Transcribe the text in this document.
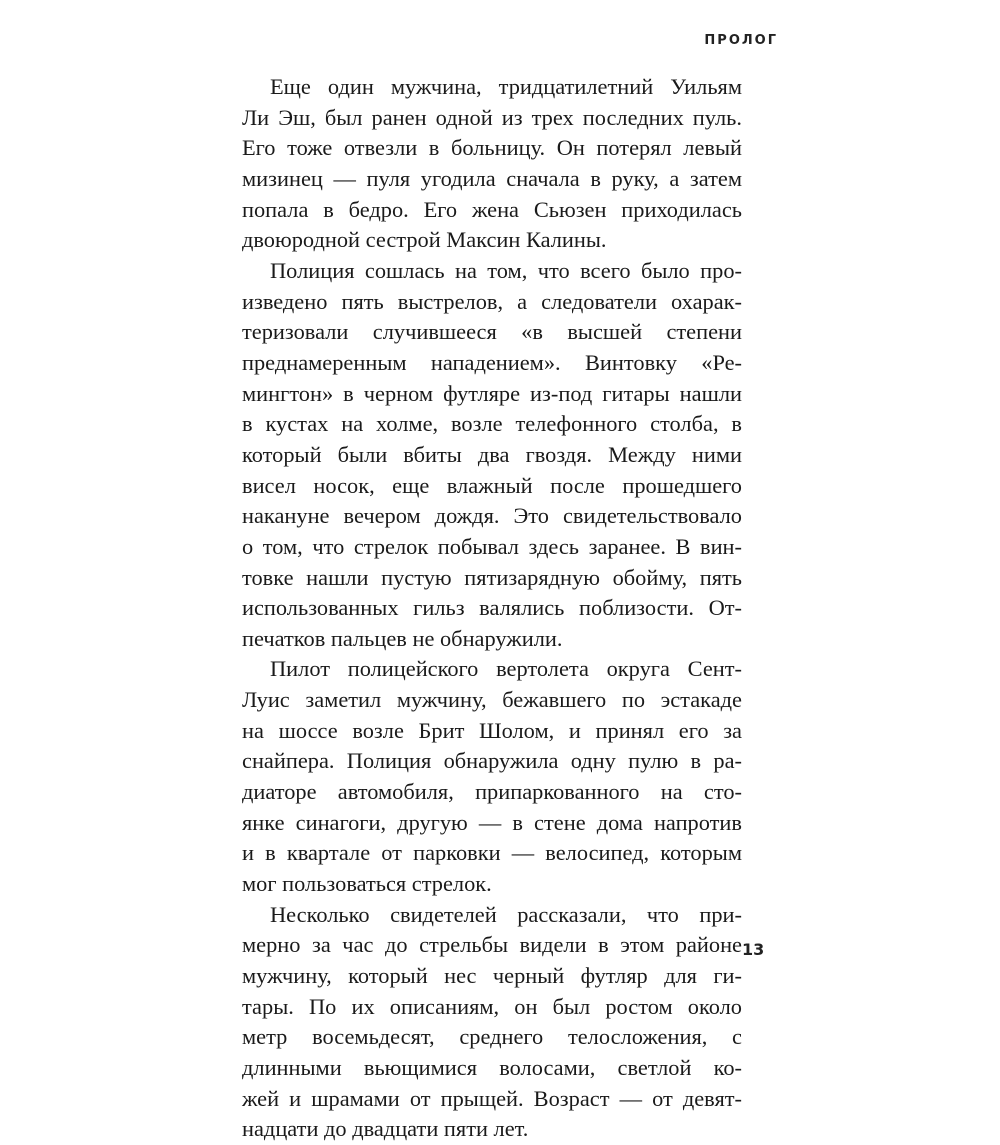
ПРОЛОГ
Еще один мужчина, тридцатилетний Уильям
Ли Эш, был ранен одной из трех последних пуль.
Его тоже отвезли в больницу. Он потерял левый
мизинец — пуля угодила сначала в руку, а затем
попала в бедро. Его жена Сьюзен приходилась
двоюродной сестрой Максин Калины.
Полиция сошлась на том, что всего было про-
изведено пять выстрелов, а следователи охарак-
теризовали случившееся «в высшей степени
преднамеренным нападением». Винтовку «Ре-
мингтон» в черном футляре из-под гитары нашли
в кустах на холме, возле телефонного столба, в
который были вбиты два гвоздя. Между ними
висел носок, еще влажный после прошедшего
накануне вечером дождя. Это свидетельствовало
о том, что стрелок побывал здесь заранее. В вин-
товке нашли пустую пятизарядную обойму, пять
использованных гильз валялись поблизости. От-
печатков пальцев не обнаружили.
Пилот полицейского вертолета округа Сент-
Луис заметил мужчину, бежавшего по эстакаде
на шоссе возле Брит Шолом, и принял его за
снайпера. Полиция обнаружила одну пулю в ра-
диаторе автомобиля, припаркованного на сто-
янке синагоги, другую — в стене дома напротив
и в квартале от парковки — велосипед, которым
мог пользоваться стрелок.
Несколько свидетелей рассказали, что при-
мерно за час до стрельбы видели в этом районе
мужчину, который нес черный футляр для ги-
тары. По их описаниям, он был ростом около
метр восемьдесят, среднего телосложения, с
длинными вьющимися волосами, светлой ко-
жей и шрамами от прыщей. Возраст — от девят-
надцати до двадцати пяти лет.
13
